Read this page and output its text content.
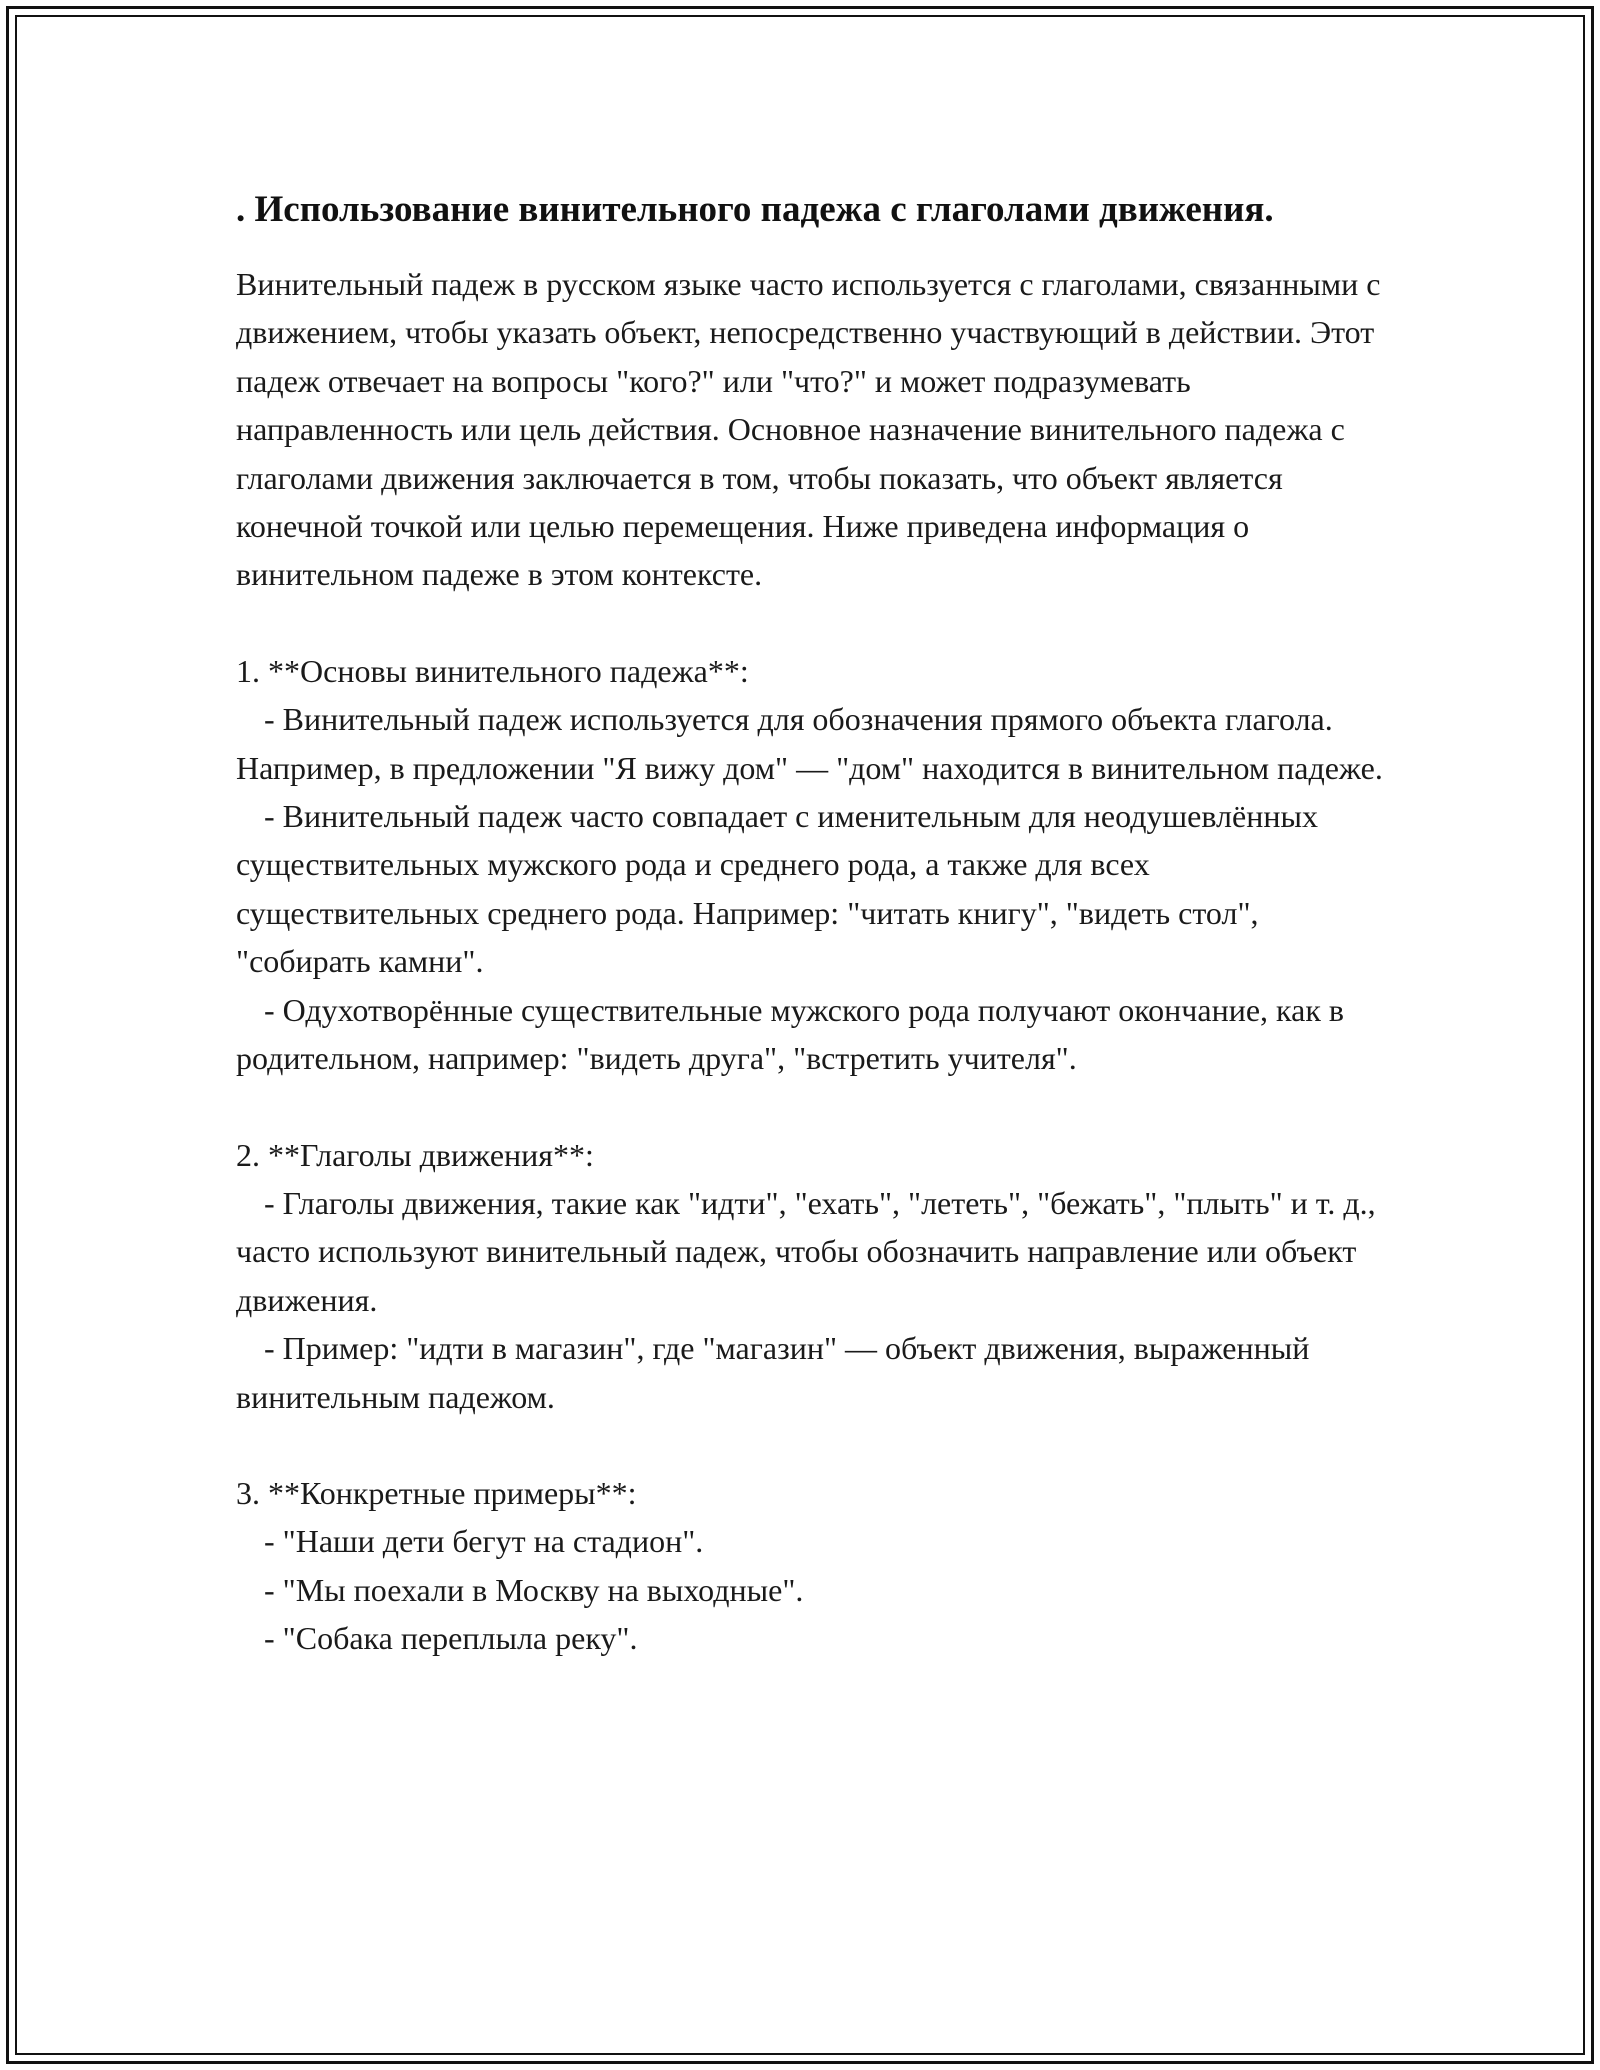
. Использование винительного падежа с глаголами движения.

Винительный падеж в русском языке часто используется с глаголами, связанными с движением, чтобы указать объект, непосредственно участвующий в действии. Этот падеж отвечает на вопросы "кого?" или "что?" и может подразумевать направленность или цель действия. Основное назначение винительного падежа с глаголами движения заключается в том, чтобы показать, что объект является конечной точкой или целью перемещения. Ниже приведена информация о винительном падеже в этом контексте.

1. **Основы винительного падежа**:

- Винительный падеж используется для обозначения прямого объекта глагола. Например, в предложении "Я вижу дом" — "дом" находится в винительном падеже.

- Винительный падеж часто совпадает с именительным для неодушевлённых существительных мужского рода и среднего рода, а также для всех существительных среднего рода. Например: "читать книгу", "видеть стол", "собирать камни".

- Одухотворённые существительные мужского рода получают окончание, как в родительном, например: "видеть друга", "встретить учителя".

2. **Глаголы движения**:

- Глаголы движения, такие как "идти", "ехать", "лететь", "бежать", "плыть" и т. д., часто используют винительный падеж, чтобы обозначить направление или объект движения.

- Пример: "идти в магазин", где "магазин" — объект движения, выраженный винительным падежом.

3. **Конкретные примеры**:

- "Наши дети бегут на стадион".

- "Мы поехали в Москву на выходные".

- "Собака переплыла реку".
